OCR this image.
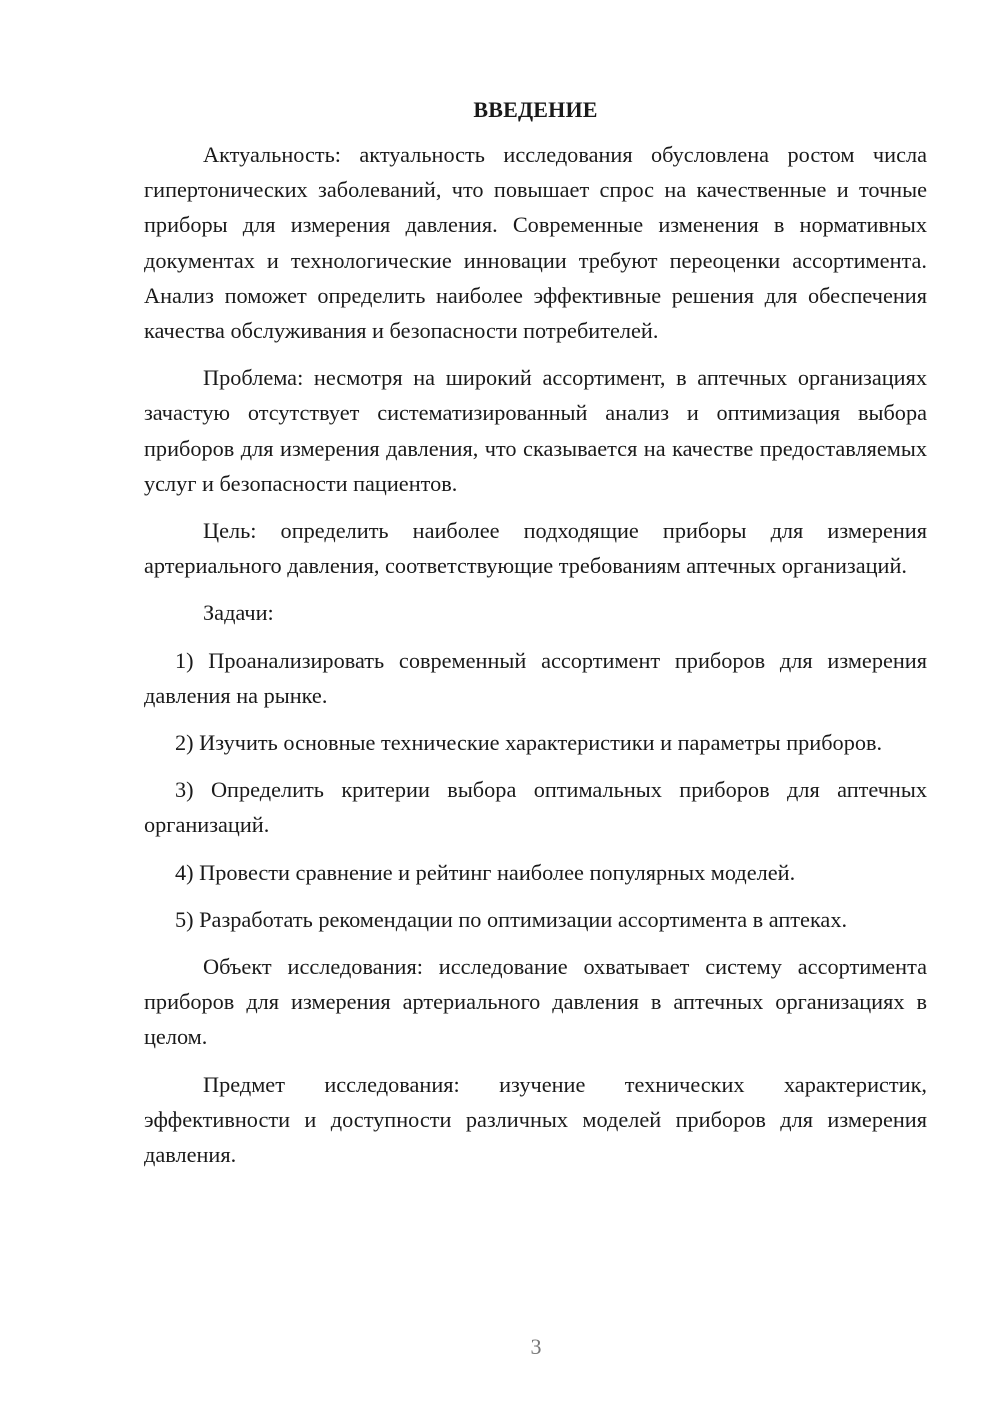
ВВЕДЕНИЕ

Актуальность: актуальность исследования обусловлена ростом числа гипертонических заболеваний, что повышает спрос на качественные и точные приборы для измерения давления. Современные изменения в нормативных документах и технологические инновации требуют переоценки ассортимента. Анализ поможет определить наиболее эффективные решения для обеспечения качества обслуживания и безопасности потребителей.

Проблема: несмотря на широкий ассортимент, в аптечных организациях зачастую отсутствует систематизированный анализ и оптимизация выбора приборов для измерения давления, что сказывается на качестве предоставляемых услуг и безопасности пациентов.

Цель: определить наиболее подходящие приборы для измерения артериального давления, соответствующие требованиям аптечных организаций.

Задачи:

1) Проанализировать современный ассортимент приборов для измерения давления на рынке.

2) Изучить основные технические характеристики и параметры приборов.

3) Определить критерии выбора оптимальных приборов для аптечных организаций.

4) Провести сравнение и рейтинг наиболее популярных моделей.

5) Разработать рекомендации по оптимизации ассортимента в аптеках.

Объект исследования: исследование охватывает систему ассортимента приборов для измерения артериального давления в аптечных организациях в целом.

Предмет исследования: изучение технических характеристик, эффективности и доступности различных моделей приборов для измерения давления.

3
